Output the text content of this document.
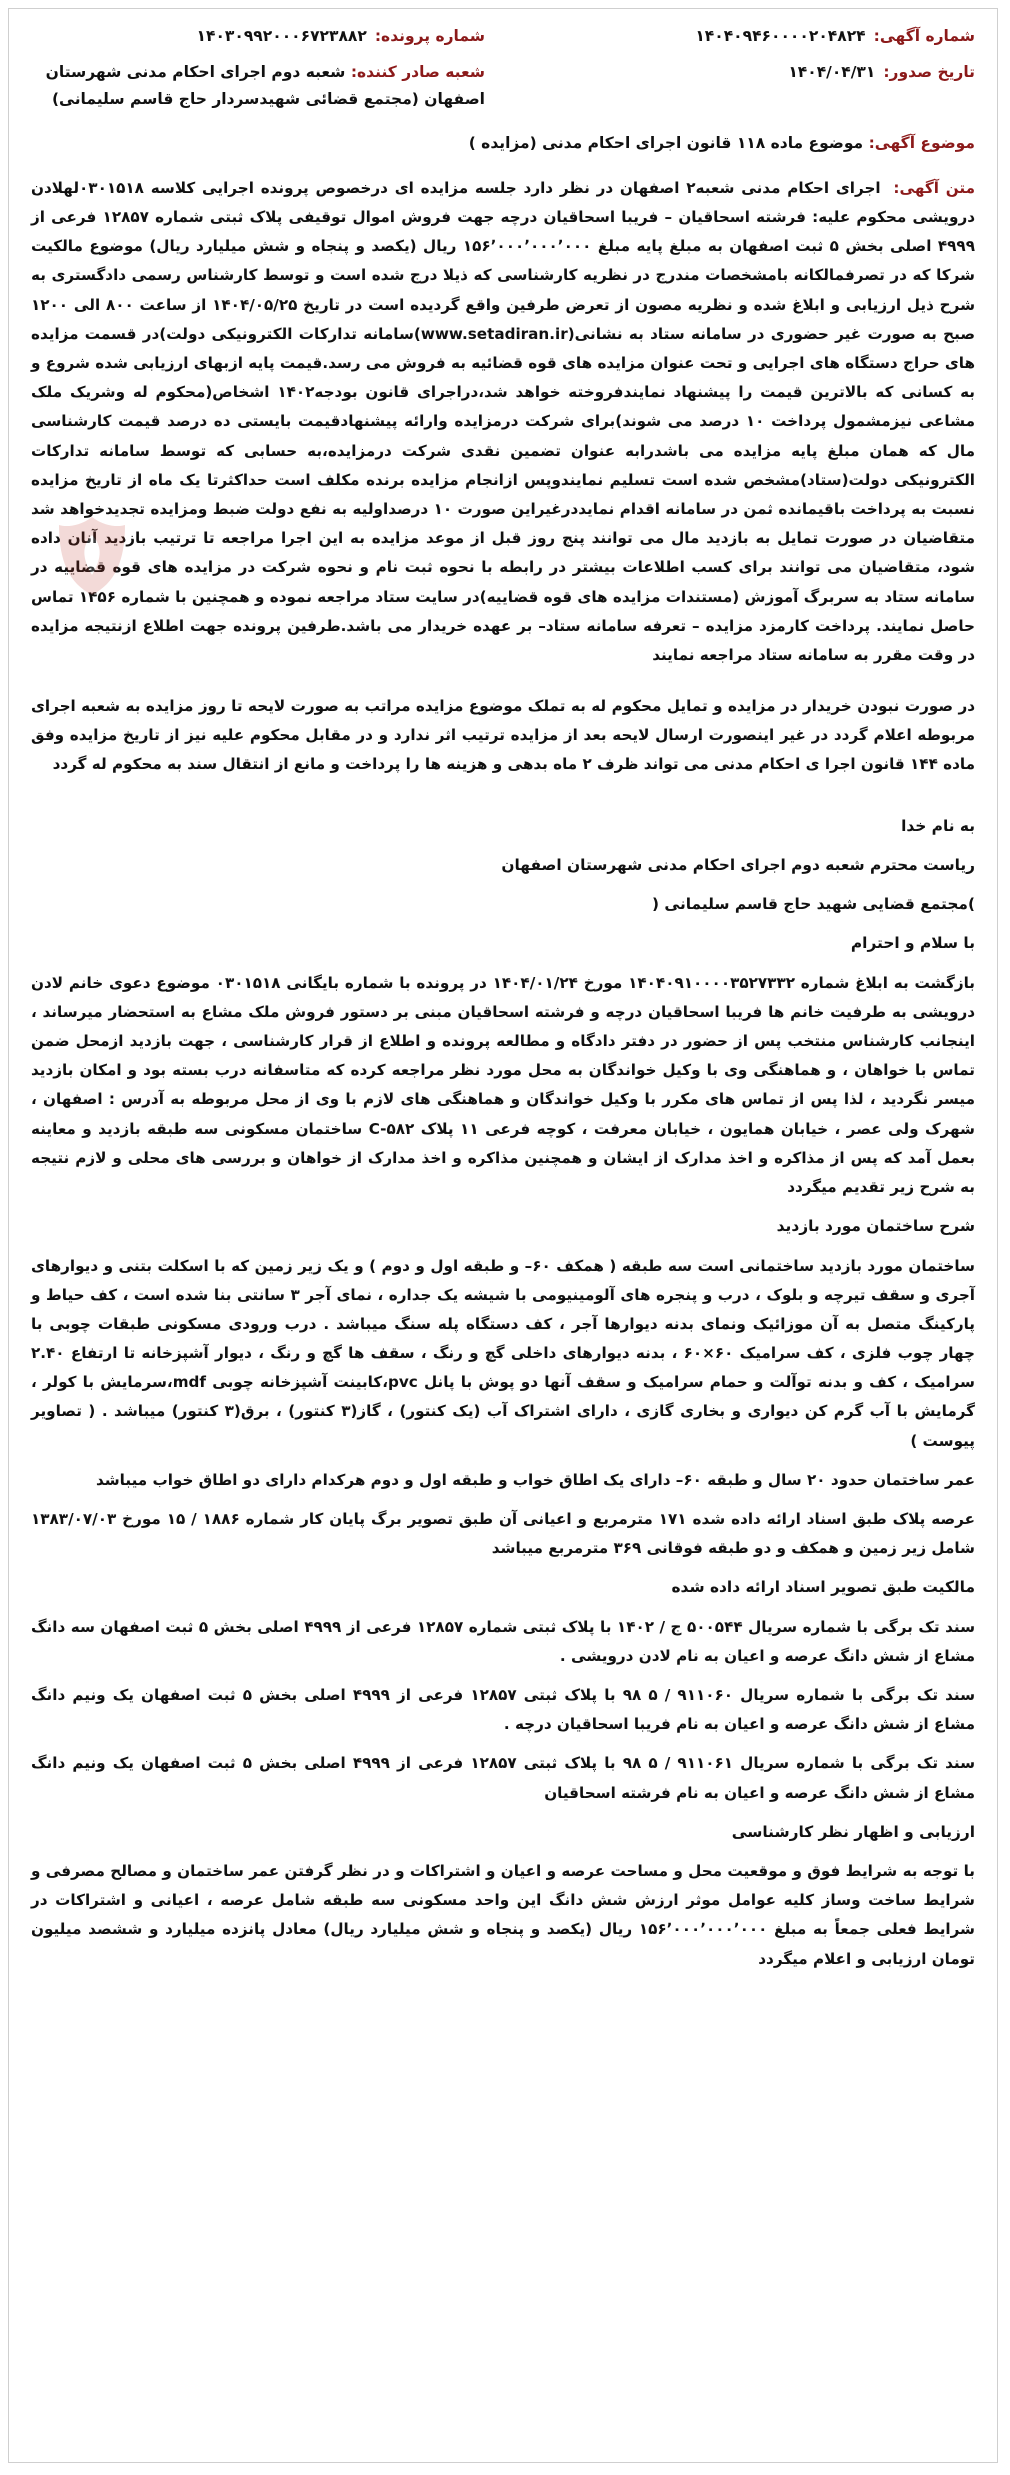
شماره آگهی:
۱۴۰۴۰۹۴۶۰۰۰۰۲۰۴۸۲۴
شماره پرونده:
۱۴۰۳۰۹۹۲۰۰۰۶۷۲۳۸۸۲
تاریخ صدور:
۱۴۰۴/۰۴/۳۱
شعبه صادر کننده: شعبه دوم اجرای احکام مدنی شهرستان اصفهان (مجتمع قضائی شهیدسردار حاج قاسم سلیمانی)
موضوع آگهی: موضوع ماده ۱۱۸ قانون اجرای احکام مدنی (مزایده )
متن آگهی: اجرای احکام مدنی شعبه۲ اصفهان در نظر دارد جلسه مزایده ای درخصوص پرونده اجرایی کلاسه ۰۳۰۱۵۱۸لهلادن درویشی محکوم علیه: فرشته اسحاقیان – فریبا اسحاقیان درچه جهت فروش اموال توقیفی پلاک ثبتی شماره ۱۲۸۵۷ فرعی از ۴۹۹۹ اصلی بخش ۵ ثبت اصفهان به مبلغ پایه مبلغ ۱۵۶٬۰۰۰٬۰۰۰٬۰۰۰ ریال (یکصد و پنجاه و شش میلیارد ریال) موضوع مالکیت شرکا که در تصرفمالکانه بامشخصات مندرج در نظریه کارشناسی که ذیلا درج شده است و توسط کارشناس رسمی دادگستری به شرح ذیل ارزیابی و ابلاغ شده و نظریه مصون از تعرض طرفین واقع گردیده است در تاریخ ۱۴۰۴/۰۵/۲۵ از ساعت ۸۰۰ الی ۱۲۰۰ صبح به صورت غیر حضوری در سامانه ستاد به نشانی(www.setadiran.ir)سامانه تدارکات الکترونیکی دولت)در قسمت مزایده های حراج دستگاه های اجرایی و تحت عنوان مزایده های قوه قضائیه به فروش می رسد.قیمت پایه ازبهای ارزیابی شده شروع و به کسانی که بالاترین قیمت را پیشنهاد نمایندفروخته خواهد شد،دراجرای قانون بودجه۱۴۰۲ اشخاص(محکوم له وشریک ملک مشاعی نیزمشمول پرداخت ۱۰ درصد می شوند)برای شرکت درمزایده وارائه پیشنهادقیمت بایستی ده درصد قیمت کارشناسی مال که همان مبلغ پایه مزایده می باشدرابه عنوان تضمین نقدی شرکت درمزایده،به حسابی که توسط سامانه تدارکات الکترونیکی دولت(ستاد)مشخص شده است تسلیم نمایندوپس ازانجام مزایده برنده مکلف است حداکثرتا یک ماه از تاریخ مزایده نسبت به پرداخت باقیمانده ثمن در سامانه اقدام نمایددرغیراین صورت ۱۰ درصداولیه به نفع دولت ضبط ومزایده تجدیدخواهد شد متقاضیان در صورت تمایل به بازدید مال می توانند پنج روز قبل از موعد مزایده به این اجرا مراجعه تا ترتیب بازدید آنان داده شود، متقاضیان می توانند برای کسب اطلاعات بیشتر در رابطه با نحوه ثبت نام و نحوه شرکت در مزایده های قوه قضاییه در سامانه ستاد به سربرگ آموزش (مستندات مزایده های قوه قضاییه)در سایت ستاد مراجعه نموده و همچنین با شماره ۱۴۵۶ تماس حاصل نمایند. پرداخت کارمزد مزایده – تعرفه سامانه ستاد– بر عهده خریدار می باشد.طرفین پرونده جهت اطلاع ازنتیجه مزایده در وقت مقرر به سامانه ستاد مراجعه نمایند

در صورت نبودن خریدار در مزایده و تمایل محکوم له به تملک موضوع مزایده مراتب به صورت لایحه تا روز مزایده به شعبه اجرای مربوطه اعلام گردد در غیر اینصورت ارسال لایحه بعد از مزایده ترتیب اثر ندارد و در مقابل محکوم علیه نیز از تاریخ مزایده وفق ماده ۱۴۴ قانون اجرا ی احکام مدنی می تواند ظرف ۲ ماه بدهی و هزینه ها را پرداخت و مانع از انتقال سند به محکوم له گردد

به نام خدا

ریاست محترم شعبه دوم اجرای احکام مدنی شهرستان اصفهان

)مجتمع قضایی شهید حاج قاسم سلیمانی (

با سلام و احترام

بازگشت به ابلاغ شماره ۱۴۰۴۰۹۱۰۰۰۰۳۵۲۷۳۳۲ مورخ ۱۴۰۴/۰۱/۲۴ در پرونده با شماره بایگانی ۰۳۰۱۵۱۸ موضوع دعوی خانم لادن درویشی به طرفیت خانم ها فریبا اسحاقیان درچه و فرشته اسحاقیان مبنی بر دستور فروش ملک مشاع به استحضار میرساند ، اینجانب کارشناس منتخب پس از حضور در دفتر دادگاه و مطالعه پرونده و اطلاع از قرار کارشناسی ، جهت بازدید ازمحل ضمن تماس با خواهان ، و هماهنگی وی با وکیل خواندگان به محل مورد نظر مراجعه کرده که متاسفانه درب بسته بود و امکان بازدید میسر نگردید ، لذا پس از تماس های مکرر با وکیل خواندگان و هماهنگی های لازم با وی از محل مربوطه به آدرس : اصفهان ، شهرک ولی عصر ، خیابان همایون ، خیابان معرفت ، کوچه فرعی ۱۱ پلاک C-۵۸۲ ساختمان مسکونی سه طبقه بازدید و معاینه بعمل آمد که پس از مذاکره و اخذ مدارک از ایشان و همچنین مذاکره و اخذ مدارک از خواهان و بررسی های محلی و لازم نتیجه به شرح زیر تقدیم میگردد

شرح ساختمان مورد بازدید

ساختمان مورد بازدید ساختمانی است سه طبقه ( همکف ۶۰– و طبقه اول و دوم ) و یک زیر زمین که با اسکلت بتنی و دیوارهای آجری و سقف تیرچه و بلوک ، درب و پنجره های آلومینیومی با شیشه یک جداره ، نمای آجر ۳ سانتی بنا شده است ، کف حیاط و پارکینگ متصل به آن موزائیک ونمای بدنه دیوارها آجر ، کف دستگاه پله سنگ میباشد . درب ورودی مسکونی طبقات چوبی با چهار چوب فلزی ، کف سرامیک ۶۰×۶۰ ، بدنه دیوارهای داخلی گچ و رنگ ، سقف ها گچ و رنگ ، دیوار آشپزخانه تا ارتفاع ۲.۴۰ سرامیک ، کف و بدنه توآلت و حمام سرامیک و سقف آنها دو پوش با پانل pvc،کابینت آشپزخانه چوبی mdf،سرمایش با کولر ، گرمایش با آب گرم کن دیواری و بخاری گازی ، دارای اشتراک آب (یک کنتور) ، گاز(۳ کنتور) ، برق(۳ کنتور) میباشد . ( تصاویر پیوست )

عمر ساختمان حدود ۲۰ سال و طبقه ۶۰– دارای یک اطاق خواب و طبقه اول و دوم هرکدام دارای دو اطاق خواب میباشد

عرصه پلاک طبق اسناد ارائه داده شده ۱۷۱ مترمربع و اعیانی آن طبق تصویر برگ پایان کار شماره ۱۸۸۶ / ۱۵ مورخ ۱۳۸۳/۰۷/۰۳ شامل زیر زمین و همکف و دو طبقه فوقانی ۳۶۹ مترمربع میباشد

مالکیت طبق تصویر اسناد ارائه داده شده

سند تک برگی با شماره سریال ۵۰۰۵۴۴ ج / ۱۴۰۲ با پلاک ثبتی شماره ۱۲۸۵۷ فرعی از ۴۹۹۹ اصلی بخش ۵ ثبت اصفهان سه دانگ مشاع از شش دانگ عرصه و اعیان به نام لادن درویشی .

سند تک برگی با شماره سریال ۹۱۱۰۶۰ / ۵ ۹۸ با پلاک ثبتی ۱۲۸۵۷ فرعی از ۴۹۹۹ اصلی بخش ۵ ثبت اصفهان یک ونیم دانگ مشاع از شش دانگ عرصه و اعیان به نام فریبا اسحاقیان درچه .

سند تک برگی با شماره سریال ۹۱۱۰۶۱ / ۵ ۹۸ با پلاک ثبتی ۱۲۸۵۷ فرعی از ۴۹۹۹ اصلی بخش ۵ ثبت اصفهان یک ونیم دانگ مشاع از شش دانگ عرصه و اعیان به نام فرشته اسحاقیان

ارزیابی و اظهار نظر کارشناسی

با توجه به شرایط فوق و موقعیت محل و مساحت عرصه و اعیان و اشتراکات و در نظر گرفتن عمر ساختمان و مصالح مصرفی و شرایط ساخت وساز کلیه عوامل موثر ارزش شش دانگ این واحد مسکونی سه طبقه شامل عرصه ، اعیانی و اشتراکات در شرایط فعلی جمعاً به مبلغ ۱۵۶٬۰۰۰٬۰۰۰٬۰۰۰ ریال (یکصد و پنجاه و شش میلیارد ریال) معادل پانزده میلیارد و ششصد میلیون تومان ارزیابی و اعلام میگردد
